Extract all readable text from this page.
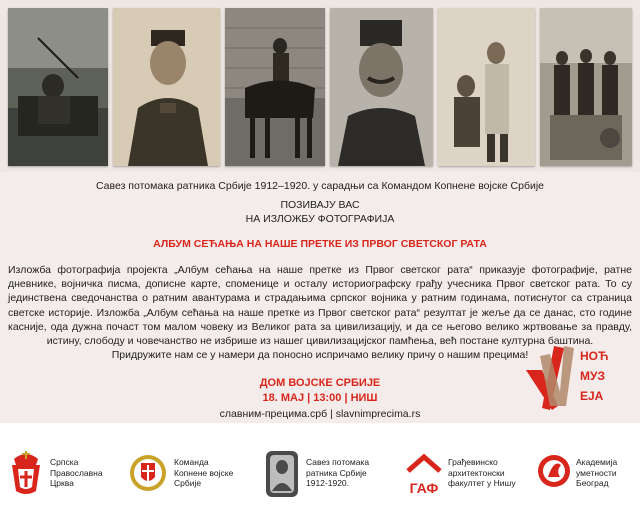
Савез потомака ратника Србије 1912–1920. у сарадњи са Командом Копнене војске Србије
ПОЗИВАЈУ ВАС
НА ИЗЛОЖБУ ФОТОГРАФИЈА
АЛБУМ СЕЋАЊА НА НАШЕ ПРЕТКЕ ИЗ ПРВОГ СВЕТСКОГ РАТА

Изложба фотографија пројекта „Албум сећања на наше претке из Првог светског рата“ приказује фотографије, ратне дневнике, војничка писма, дописне карте, споменице и осталу историографску грађу учесника Првог светског рата. То су јединствена сведочанства о ратним авантурама и страдањима српског војника у ратним годинама, потиснутог са страница светске историје. Изложба „Албум сећања на наше претке из Првог светског рата“ резултат је жеље да се данас, сто године касније, ода дужна почаст том малом човеку из Великог рата за цивилизацију, и да се његово велико жртвовање за правду, истину, слободу и човечанство не избрише из нашег цивилизацијског памћења, већ постане културна баштина.

Придружите нам се у намери да поносно испричамо велику причу о нашим прецима!
ДОМ ВОЈСКЕ СРБИЈЕ
18. МАЈ | 13:00 | НИШ
славним-прецима.срб | slavnimprecima.rs
НОЋ
МУЗ
ЕЈА
Српска
Православна
Црква
Команда
Копнене војске
Србије
Савез потомака
ратника Србије
1912-1920.	ГАФ
Грађевинско
архитектонски
факултет у Нишу
Академија
уметности
Београд
